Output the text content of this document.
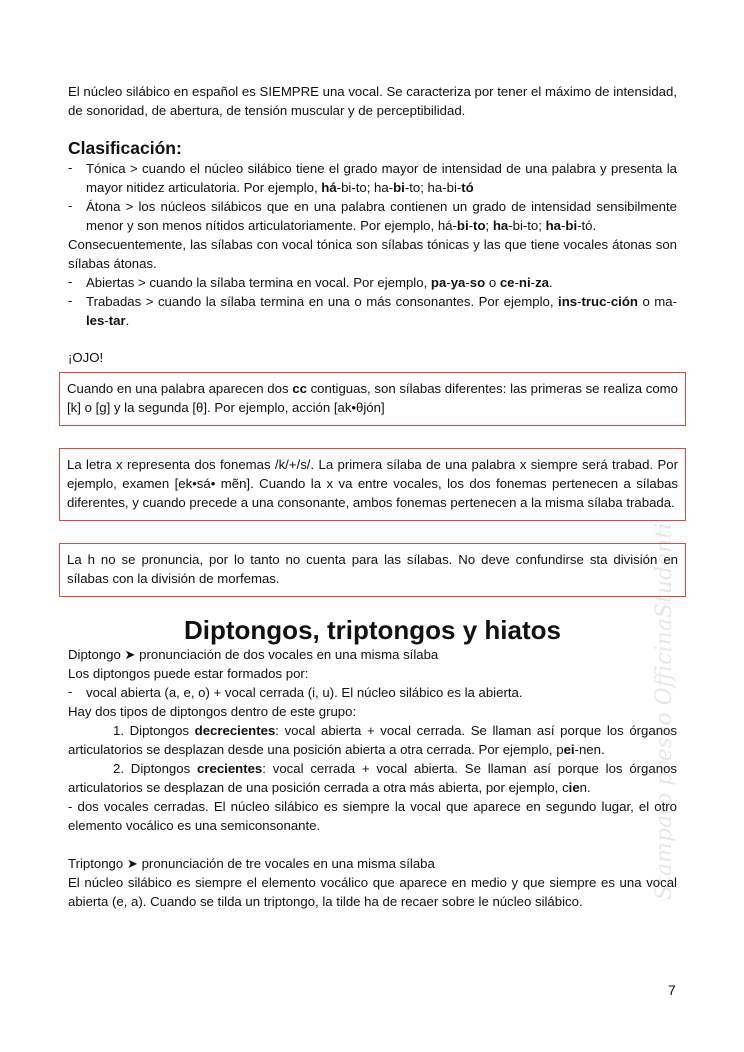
El núcleo silábico en español es SIEMPRE una vocal. Se caracteriza por tener el máximo de intensidad, de sonoridad, de abertura, de tensión muscular y de perceptibilidad.

Clasificación:
- Tónica > cuando el núcleo silábico tiene el grado mayor de intensidad de una palabra y presenta la mayor nitidez articulatoria. Por ejemplo, há-bi-to; ha-bi-to; ha-bi-tó
- Átona > los núcleos silábicos que en una palabra contienen un grado de intensidad sensibilmente menor y son menos nítidos articulatoriamente. Por ejemplo, há-bi-to; ha-bi-to; ha-bi-tó.

Consecuentemente, las sílabas con vocal tónica son sílabas tónicas y las que tiene vocales átonas son sílabas átonas.

- Abiertas > cuando la sílaba termina en vocal. Por ejemplo, pa-ya-so o ce-ni-za.
- Trabadas > cuando la sílaba termina en una o más consonantes. Por ejemplo, ins-truc-ción o ma-les-tar.

¡OJO!

Cuando en una palabra aparecen dos cc contiguas, son sílabas diferentes: las primeras se realiza como [k] o [g] y la segunda [θ]. Por ejemplo, acción [ak•θjón]
La letra x representa dos fonemas /k/+/s/. La primera sílaba de una palabra x siempre será trabad. Por ejemplo, examen [ek•sá• mẽn]. Cuando la x va entre vocales, los dos fonemas pertenecen a sílabas diferentes, y cuando precede a una consonante, ambos fonemas pertenecen a la misma sílaba trabada.
La h no se pronuncia, por lo tanto no cuenta para las sílabas. No deve confundirse sta división en sílabas con la división de morfemas.
Diptongos, triptongos y hiatos

Diptongo ➤ pronunciación de dos vocales en una misma sílaba

Los diptongos puede estar formados por:

- vocal abierta (a, e, o) + vocal cerrada (i, u). El núcleo silábico es la abierta.

Hay dos tipos de diptongos dentro de este grupo:

1. Diptongos decrecientes: vocal abierta + vocal cerrada. Se llaman así porque los órganos articulatorios se desplazan desde una posición abierta a otra cerrada. Por ejemplo, pei-nen.

2. Diptongos crecientes: vocal cerrada + vocal abierta. Se llaman así porque los órganos articulatorios se desplazan de una posición cerrada a otra más abierta, por ejemplo, cien.

- dos vocales cerradas. El núcleo silábico es siempre la vocal que aparece en segundo lugar, el otro elemento vocálico es una semiconsonante.

Triptongo ➤ pronunciación de tre vocales en una misma sílaba

El núcleo silábico es siempre el elemento vocálico que aparece en medio y que siempre es una vocal abierta (e, a). Cuando se tilda un triptongo, la tilde ha de recaer sobre le núcleo silábico.

Stampato presso OfficinaStudenti
7
